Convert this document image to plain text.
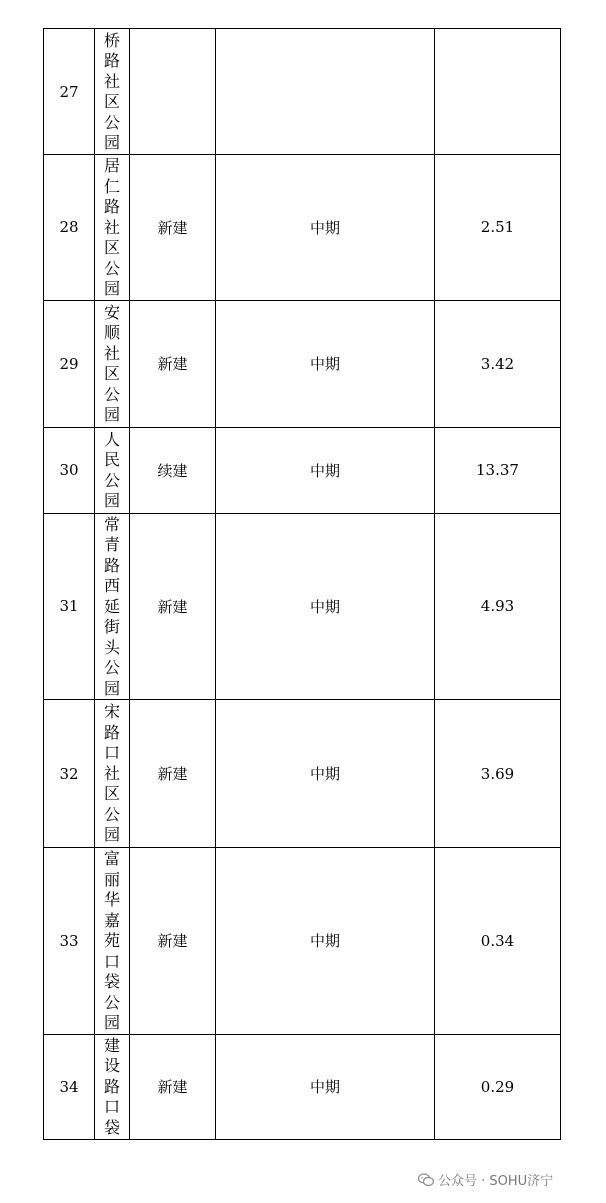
27	桥路社区公园			

28	居仁路社区公园	新建	中期	2.51
29	安顺社区公园	新建	中期	3.42
30	人民公园	续建	中期	13.37
31	常青路西延街头公园	新建	中期	4.93
32	宋路口社区公园	新建	中期	3.69
33	富丽华嘉苑口袋公园	新建	中期	0.34
34	建设路口袋	新建	中期	0.29
公众号 · SOHU济宁
